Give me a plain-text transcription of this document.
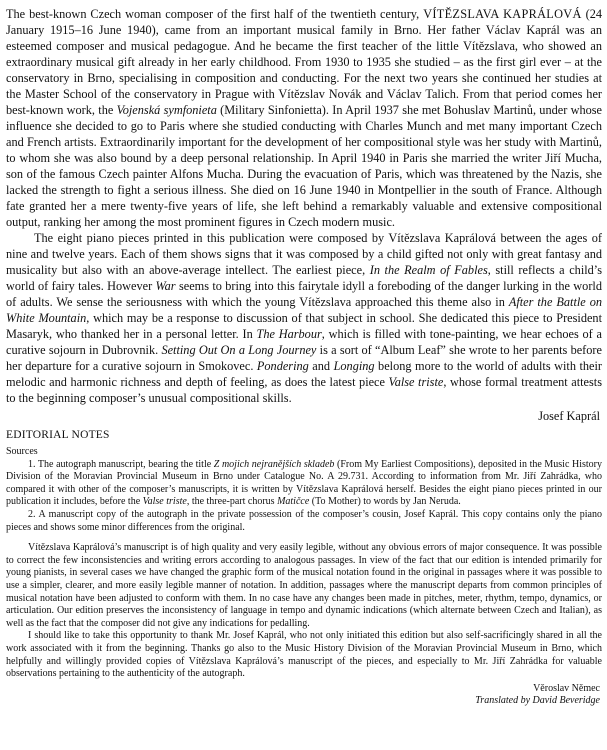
The best-known Czech woman composer of the first half of the twentieth century, VÍTĚZSLAVA KAPRÁLOVÁ (24 January 1915–16 June 1940), came from an important musical family in Brno. Her father Václav Kaprál was an esteemed composer and musical pedagogue. And he became the first teacher of the little Vítězslava, who showed an extraordinary musical gift already in her early childhood. From 1930 to 1935 she studied – as the first girl ever – at the conservatory in Brno, specialising in composition and conducting. For the next two years she continued her studies at the Master School of the conservatory in Prague with Vítězslav Novák and Václav Talich. From that period comes her best-known work, the Vojenská symfonieta (Military Sinfonietta). In April 1937 she met Bohuslav Martinů, under whose influence she decided to go to Paris where she studied conducting with Charles Munch and met many important Czech and French artists. Extraordinarily important for the development of her compositional style was her study with Martinů, to whom she was also bound by a deep personal relationship. In April 1940 in Paris she married the writer Jiří Mucha, son of the famous Czech painter Alfons Mucha. During the evacuation of Paris, which was threatened by the Nazis, she lacked the strength to fight a serious illness. She died on 16 June 1940 in Montpellier in the south of France. Although fate granted her a mere twenty-five years of life, she left behind a remarkably valuable and extensive compositional output, ranking her among the most prominent figures in Czech modern music.

The eight piano pieces printed in this publication were composed by Vítězslava Kaprálová between the ages of nine and twelve years. Each of them shows signs that it was composed by a child gifted not only with great fantasy and musicality but also with an above-average intellect. The earliest piece, In the Realm of Fables, still reflects a child’s world of fairy tales. However War seems to bring into this fairytale idyll a foreboding of the danger lurking in the world of adults. We sense the seriousness with which the young Vítězslava approached this theme also in After the Battle on White Mountain, which may be a response to discussion of that subject in school. She dedicated this piece to President Masaryk, who thanked her in a personal letter. In The Harbour, which is filled with tone-painting, we hear echoes of a curative sojourn in Dubrovnik. Setting Out On a Long Journey is a sort of “Album Leaf” she wrote to her parents before her departure for a curative sojourn in Smokovec. Pondering and Longing belong more to the world of adults with their melodic and harmonic richness and depth of feeling, as does the latest piece Valse triste, whose formal treatment attests to the beginning composer’s unusual compositional skills.

Josef Kaprál
EDITORIAL NOTES
Sources

1. The autograph manuscript, bearing the title Z mojich nejranějších skladeb (From My Earliest Compositions), deposited in the Music History Division of the Moravian Provincial Museum in Brno under Catalogue No. A 29.731. According to information from Mr. Jiří Zahrádka, who compared it with other of the composer’s manuscripts, it is written by Vítězslava Kaprálová herself. Besides the eight piano pieces printed in our publication it includes, before the Valse triste, the three-part chorus Matičce (To Mother) to words by Jan Neruda.

2. A manuscript copy of the autograph in the private possession of the composer’s cousin, Josef Kaprál. This copy contains only the piano pieces and shows some minor differences from the original.

Vítězslava Kaprálová’s manuscript is of high quality and very easily legible, without any obvious errors of major consequence. It was possible to correct the few inconsistencies and writing errors according to analogous passages. In view of the fact that our edition is intended primarily for young pianists, in several cases we have changed the graphic form of the musical notation found in the original in passages where it was possible to use a simpler, clearer, and more easily legible manner of notation. In addition, passages where the manuscript departs from common principles of musical notation have been adjusted to conform with them. In no case have any changes been made in pitches, meter, rhythm, tempo, dynamics, or articulation. Our edition preserves the inconsistency of language in tempo and dynamic indications (which alternate between Czech and Italian), as well as the fact that the composer did not give any indications for pedalling.

I should like to take this opportunity to thank Mr. Josef Kaprál, who not only initiated this edition but also self-sacrificingly shared in all the work associated with it from the beginning. Thanks go also to the Music History Division of the Moravian Provincial Museum in Brno, which helpfully and willingly provided copies of Vítězslava Kaprálová’s manuscript of the pieces, and especially to Mr. Jiří Zahrádka for valuable observations pertaining to the authenticity of the autograph.

Věroslav Němec
Translated by David Beveridge
